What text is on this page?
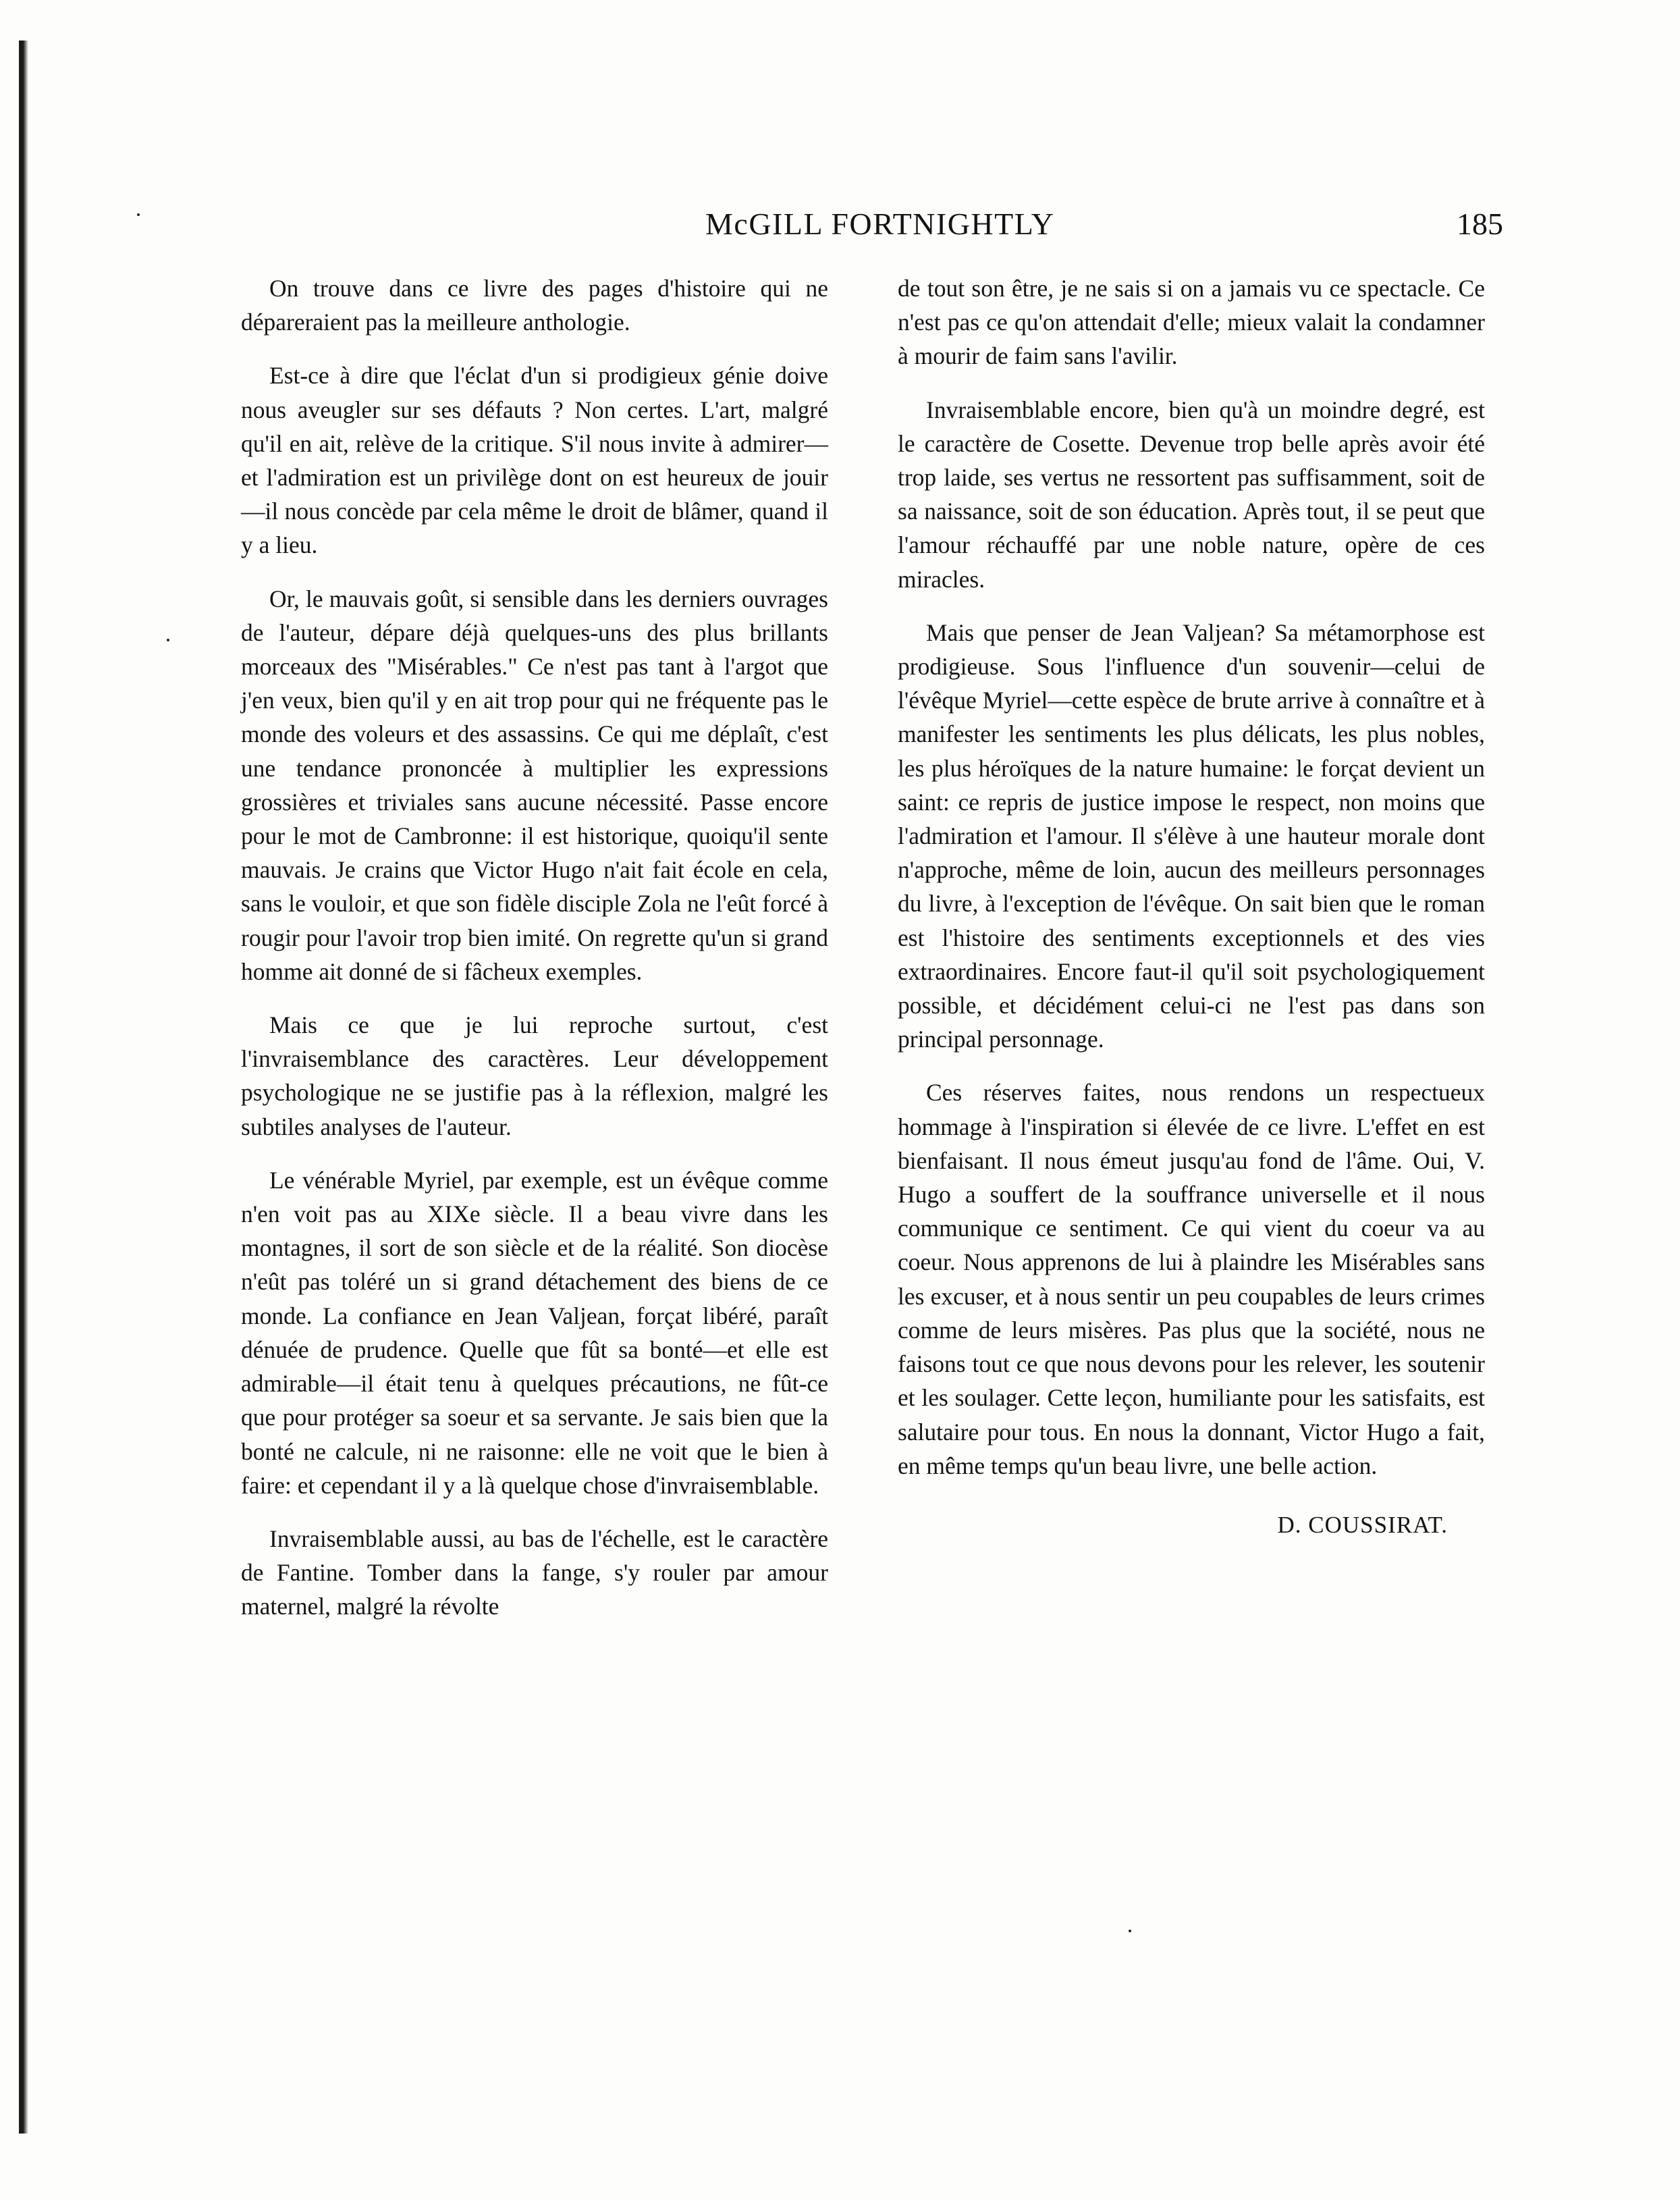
McGILL FORTNIGHTLY	185

On trouve dans ce livre des pages d'histoire qui ne dépareraient pas la meilleure anthologie.

Est-ce à dire que l'éclat d'un si prodigieux génie doive nous aveugler sur ses défauts ? Non certes. L'art, malgré qu'il en ait, relève de la critique. S'il nous invite à admirer—et l'admiration est un privilège dont on est heureux de jouir—il nous concède par cela même le droit de blâmer, quand il y a lieu.

Or, le mauvais goût, si sensible dans les derniers ouvrages de l'auteur, dépare déjà quelques-uns des plus brillants morceaux des "Misérables." Ce n'est pas tant à l'argot que j'en veux, bien qu'il y en ait trop pour qui ne fréquente pas le monde des voleurs et des assassins. Ce qui me déplaît, c'est une tendance prononcée à multiplier les expressions grossières et triviales sans aucune nécessité. Passe encore pour le mot de Cambronne: il est historique, quoiqu'il sente mauvais. Je crains que Victor Hugo n'ait fait école en cela, sans le vouloir, et que son fidèle disciple Zola ne l'eût forcé à rougir pour l'avoir trop bien imité. On regrette qu'un si grand homme ait donné de si fâcheux exemples.

Mais ce que je lui reproche surtout, c'est l'invraisemblance des caractères. Leur développement psychologique ne se justifie pas à la réflexion, malgré les subtiles analyses de l'auteur.

Le vénérable Myriel, par exemple, est un évêque comme n'en voit pas au XIXe siècle. Il a beau vivre dans les montagnes, il sort de son siècle et de la réalité. Son diocèse n'eût pas toléré un si grand détachement des biens de ce monde. La confiance en Jean Valjean, forçat libéré, paraît dénuée de prudence. Quelle que fût sa bonté—et elle est admirable—il était tenu à quelques précautions, ne fût-ce que pour protéger sa soeur et sa servante. Je sais bien que la bonté ne calcule, ni ne raisonne: elle ne voit que le bien à faire: et cependant il y a là quelque chose d'invraisemblable.

Invraisemblable aussi, au bas de l'échelle, est le caractère de Fantine. Tomber dans la fange, s'y rouler par amour maternel, malgré la révolte

de tout son être, je ne sais si on a jamais vu ce spectacle. Ce n'est pas ce qu'on attendait d'elle; mieux valait la condamner à mourir de faim sans l'avilir.

Invraisemblable encore, bien qu'à un moindre degré, est le caractère de Cosette. Devenue trop belle après avoir été trop laide, ses vertus ne ressortent pas suffisamment, soit de sa naissance, soit de son éducation. Après tout, il se peut que l'amour réchauffé par une noble nature, opère de ces miracles.

Mais que penser de Jean Valjean? Sa métamorphose est prodigieuse. Sous l'influence d'un souvenir—celui de l'évêque Myriel—cette espèce de brute arrive à connaître et à manifester les sentiments les plus délicats, les plus nobles, les plus héroïques de la nature humaine: le forçat devient un saint: ce repris de justice impose le respect, non moins que l'admiration et l'amour. Il s'élève à une hauteur morale dont n'approche, même de loin, aucun des meilleurs personnages du livre, à l'exception de l'évêque. On sait bien que le roman est l'histoire des sentiments exceptionnels et des vies extraordinaires. Encore faut-il qu'il soit psychologiquement possible, et décidément celui-ci ne l'est pas dans son principal personnage.

Ces réserves faites, nous rendons un respectueux hommage à l'inspiration si élevée de ce livre. L'effet en est bienfaisant. Il nous émeut jusqu'au fond de l'âme. Oui, V. Hugo a souffert de la souffrance universelle et il nous communique ce sentiment. Ce qui vient du coeur va au coeur. Nous apprenons de lui à plaindre les Misérables sans les excuser, et à nous sentir un peu coupables de leurs crimes comme de leurs misères. Pas plus que la société, nous ne faisons tout ce que nous devons pour les relever, les soutenir et les soulager. Cette leçon, humiliante pour les satisfaits, est salutaire pour tous. En nous la donnant, Victor Hugo a fait, en même temps qu'un beau livre, une belle action.

D. COUSSIRAT.
